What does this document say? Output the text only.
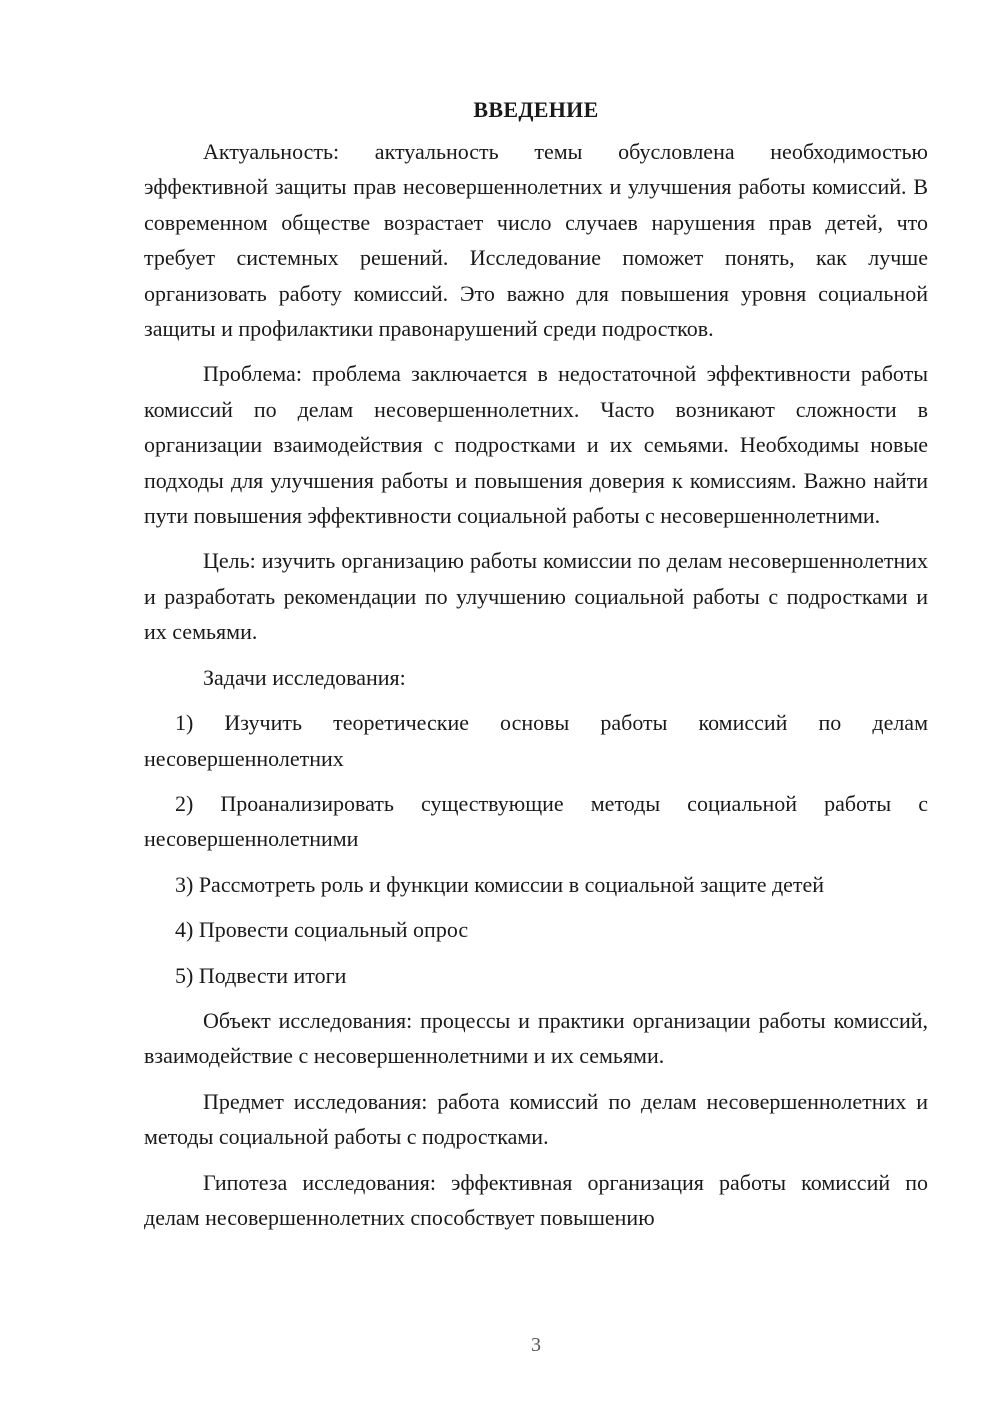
ВВЕДЕНИЕ

Актуальность: актуальность темы обусловлена необходимостью эффективной защиты прав несовершеннолетних и улучшения работы комиссий. В современном обществе возрастает число случаев нарушения прав детей, что требует системных решений. Исследование поможет понять, как лучше организовать работу комиссий. Это важно для повышения уровня социальной защиты и профилактики правонарушений среди подростков.

Проблема: проблема заключается в недостаточной эффективности работы комиссий по делам несовершеннолетних. Часто возникают сложности в организации взаимодействия с подростками и их семьями. Необходимы новые подходы для улучшения работы и повышения доверия к комиссиям. Важно найти пути повышения эффективности социальной работы с несовершеннолетними.

Цель: изучить организацию работы комиссии по делам несовершеннолетних и разработать рекомендации по улучшению социальной работы с подростками и их семьями.

Задачи исследования:

1) Изучить теоретические основы работы комиссий по делам несовершеннолетних

2) Проанализировать существующие методы социальной работы с несовершеннолетними

3) Рассмотреть роль и функции комиссии в социальной защите детей

4) Провести социальный опрос

5) Подвести итоги

Объект исследования: процессы и практики организации работы комиссий, взаимодействие с несовершеннолетними и их семьями.

Предмет исследования: работа комиссий по делам несовершеннолетних и методы социальной работы с подростками.

Гипотеза исследования: эффективная организация работы комиссий по делам несовершеннолетних способствует повышению

3
